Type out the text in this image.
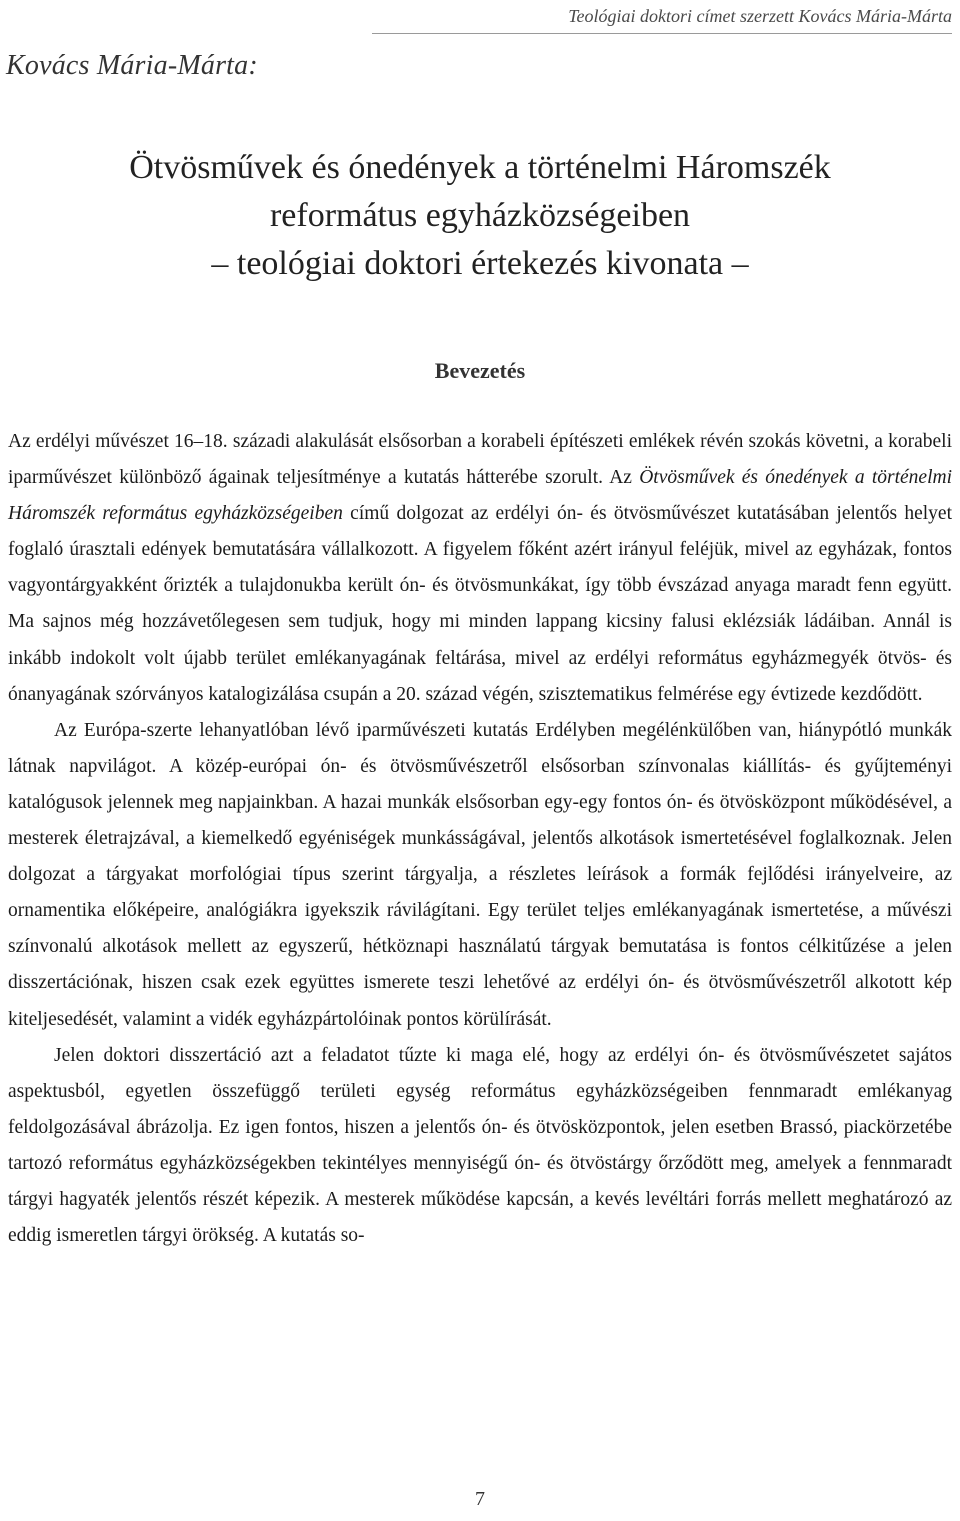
Teológiai doktori címet szerzett Kovács Mária-Márta
Kovács Mária-Márta:
Ötvösművek és ónedények a történelmi Háromszék
református egyházközségeiben
– teológiai doktori értekezés kivonata –
Bevezetés

Az erdélyi művészet 16–18. századi alakulását elsősorban a korabeli építészeti emlékek révén szokás követni, a korabeli iparművészet különböző ágainak teljesítménye a kutatás hátterébe szorult. Az Ötvösművek és ónedények a történelmi Háromszék református egyházközségeiben című dolgozat az erdélyi ón- és ötvösművészet kutatásában jelentős helyet foglaló úrasztali edények bemutatására vállalkozott. A figyelem főként azért irányul feléjük, mivel az egyházak, fontos vagyontárgyakként őrizték a tulajdonukba került ón- és ötvösmunkákat, így több évszázad anyaga maradt fenn együtt. Ma sajnos még hozzávetőlegesen sem tudjuk, hogy mi minden lappang kicsiny falusi eklézsiák ládáiban. Annál is inkább indokolt volt újabb terület emlékanyagának feltárása, mivel az erdélyi református egyházmegyék ötvös- és ónanyagának szórványos katalogizálása csupán a 20. század végén, szisztematikus felmérése egy évtizede kezdődött.

Az Európa-szerte lehanyatlóban lévő iparművészeti kutatás Erdélyben megélénkülőben van, hiánypótló munkák látnak napvilágot. A közép-európai ón- és ötvösművészetről elsősorban színvonalas kiállítás- és gyűjteményi katalógusok jelennek meg napjainkban. A hazai munkák elsősorban egy-egy fontos ón- és ötvösközpont működésével, a mesterek életrajzával, a kiemelkedő egyéniségek munkásságával, jelentős alkotások ismertetésével foglalkoznak. Jelen dolgozat a tárgyakat morfológiai típus szerint tárgyalja, a részletes leírások a formák fejlődési irányelveire, az ornamentika előképeire, analógiákra igyekszik rávilágítani. Egy terület teljes emlékanyagának ismertetése, a művészi színvonalú alkotások mellett az egyszerű, hétköznapi használatú tárgyak bemutatása is fontos célkitűzése a jelen disszertációnak, hiszen csak ezek együttes ismerete teszi lehetővé az erdélyi ón- és ötvösművészetről alkotott kép kiteljesedését, valamint a vidék egyházpártolóinak pontos körülírását.

Jelen doktori disszertáció azt a feladatot tűzte ki maga elé, hogy az erdélyi ón- és ötvösművészetet sajátos aspektusból, egyetlen összefüggő területi egység református egyházközségeiben fennmaradt emlékanyag feldolgozásával ábrázolja. Ez igen fontos, hiszen a jelentős ón- és ötvösközpontok, jelen esetben Brassó, piackörzetébe tartozó református egyházközségekben tekintélyes mennyiségű ón- és ötvöstárgy őrződött meg, amelyek a fennmaradt tárgyi hagyaték jelentős részét képezik. A mesterek működése kapcsán, a kevés levéltári forrás mellett meghatározó az eddig ismeretlen tárgyi örökség. A kutatás so-

7
